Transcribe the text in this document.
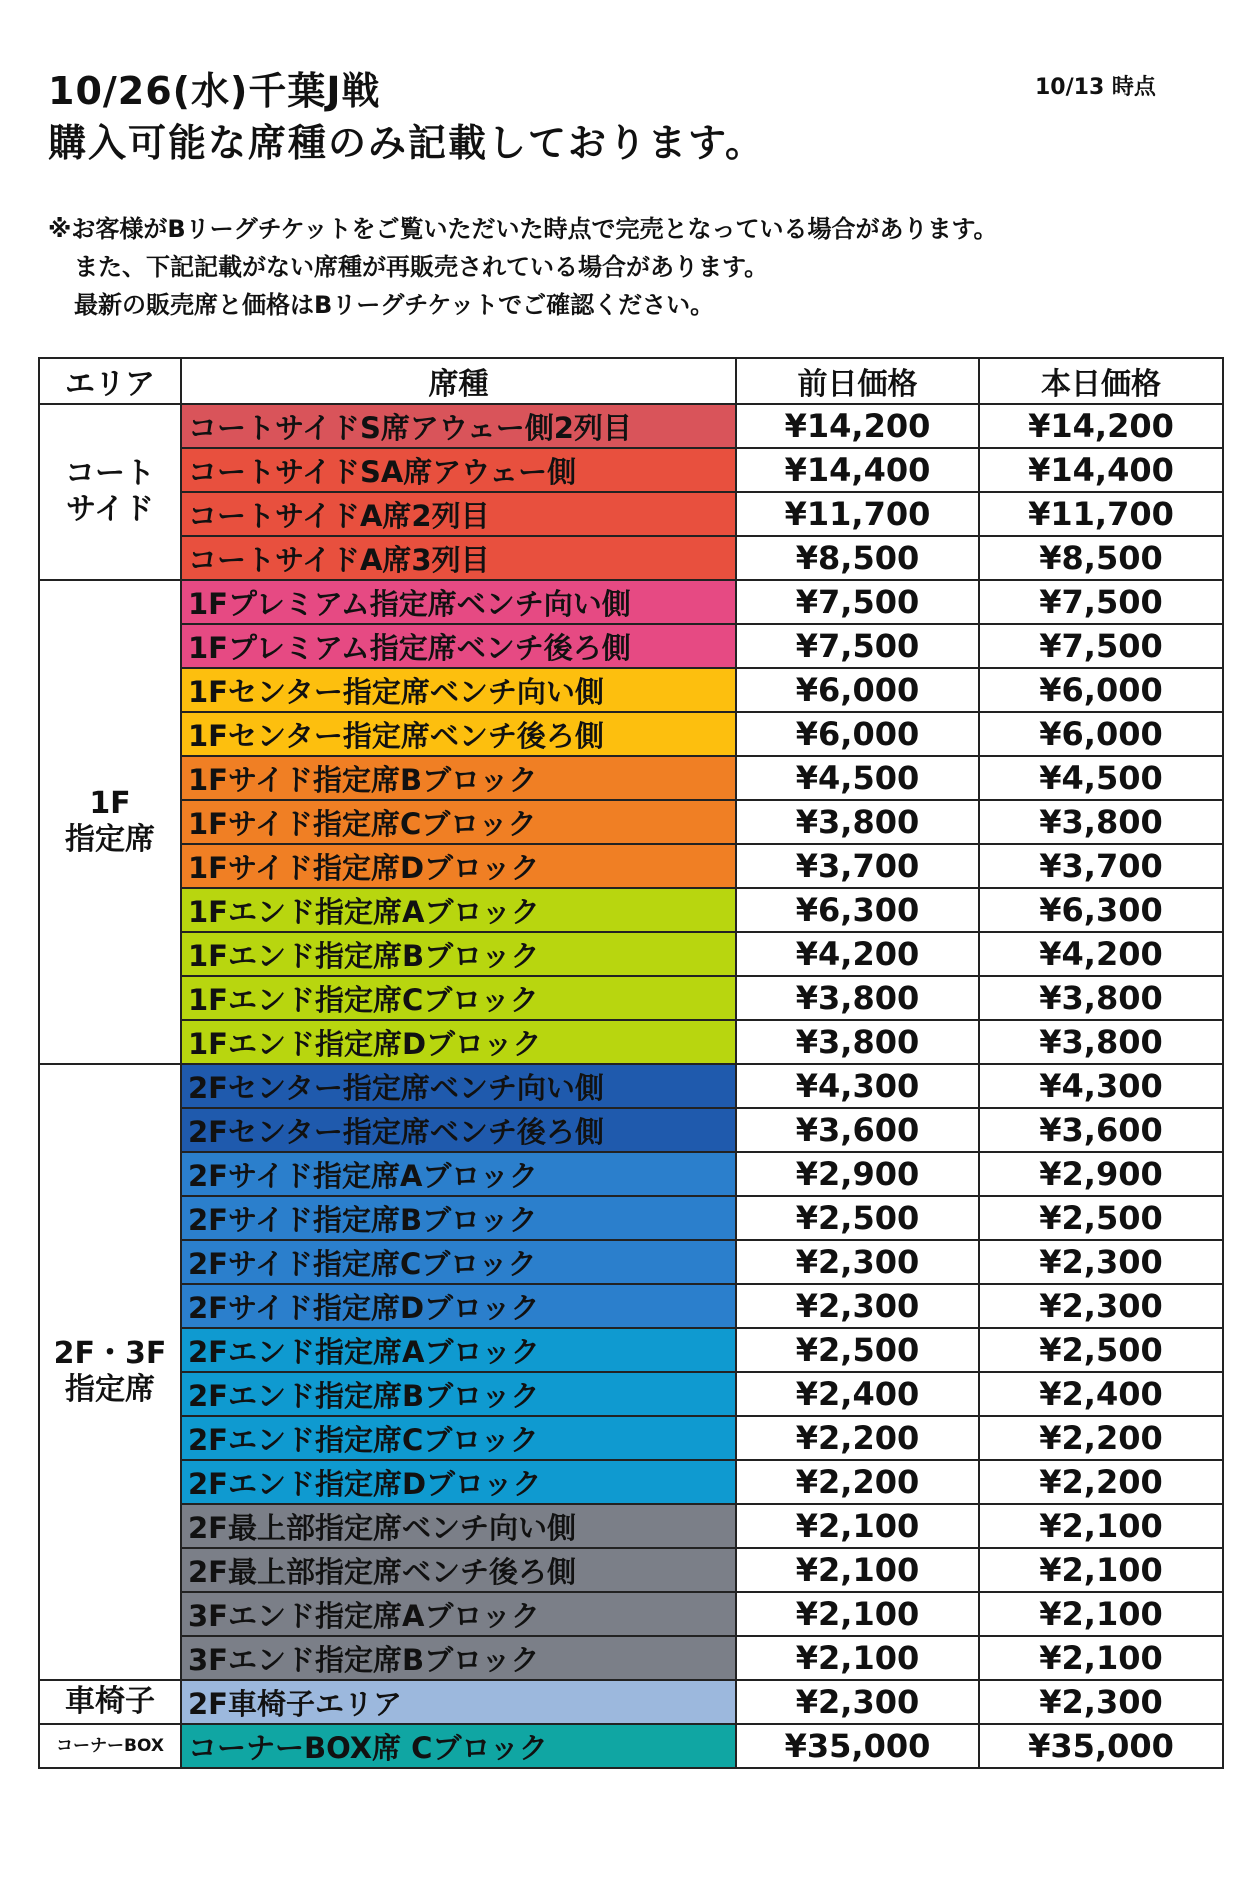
10/26(水)千葉J戦
購入可能な席種のみ記載しております。
10/13 時点
※お客様がBリーグチケットをご覧いただいた時点で完売となっている場合があります。
また、下記記載がない席種が再販売されている場合があります。
最新の販売席と価格はBリーグチケットでご確認ください。
エリア	席種	前日価格	本日価格
コート
サイド	コートサイドS席アウェー側2列目	¥14,200	¥14,200
	コートサイドSA席アウェー側	¥14,400	¥14,400
	コートサイドA席2列目	¥11,700	¥11,700
	コートサイドA席3列目	¥8,500	¥8,500
1F
指定席	1Fプレミアム指定席ベンチ向い側	¥7,500	¥7,500
	1Fプレミアム指定席ベンチ後ろ側	¥7,500	¥7,500
	1Fセンター指定席ベンチ向い側	¥6,000	¥6,000
	1Fセンター指定席ベンチ後ろ側	¥6,000	¥6,000
	1Fサイド指定席Bブロック	¥4,500	¥4,500
	1Fサイド指定席Cブロック	¥3,800	¥3,800
	1Fサイド指定席Dブロック	¥3,700	¥3,700
	1Fエンド指定席Aブロック	¥6,300	¥6,300
	1Fエンド指定席Bブロック	¥4,200	¥4,200
	1Fエンド指定席Cブロック	¥3,800	¥3,800
	1Fエンド指定席Dブロック	¥3,800	¥3,800
2F・3F
指定席	2Fセンター指定席ベンチ向い側	¥4,300	¥4,300
	2Fセンター指定席ベンチ後ろ側	¥3,600	¥3,600
	2Fサイド指定席Aブロック	¥2,900	¥2,900
	2Fサイド指定席Bブロック	¥2,500	¥2,500
	2Fサイド指定席Cブロック	¥2,300	¥2,300
	2Fサイド指定席Dブロック	¥2,300	¥2,300
	2Fエンド指定席Aブロック	¥2,500	¥2,500
	2Fエンド指定席Bブロック	¥2,400	¥2,400
	2Fエンド指定席Cブロック	¥2,200	¥2,200
	2Fエンド指定席Dブロック	¥2,200	¥2,200
	2F最上部指定席ベンチ向い側	¥2,100	¥2,100
	2F最上部指定席ベンチ後ろ側	¥2,100	¥2,100
	3Fエンド指定席Aブロック	¥2,100	¥2,100
	3Fエンド指定席Bブロック	¥2,100	¥2,100
車椅子	2F車椅子エリア	¥2,300	¥2,300
コーナーBOX	コーナーBOX席 Cブロック	¥35,000	¥35,000
